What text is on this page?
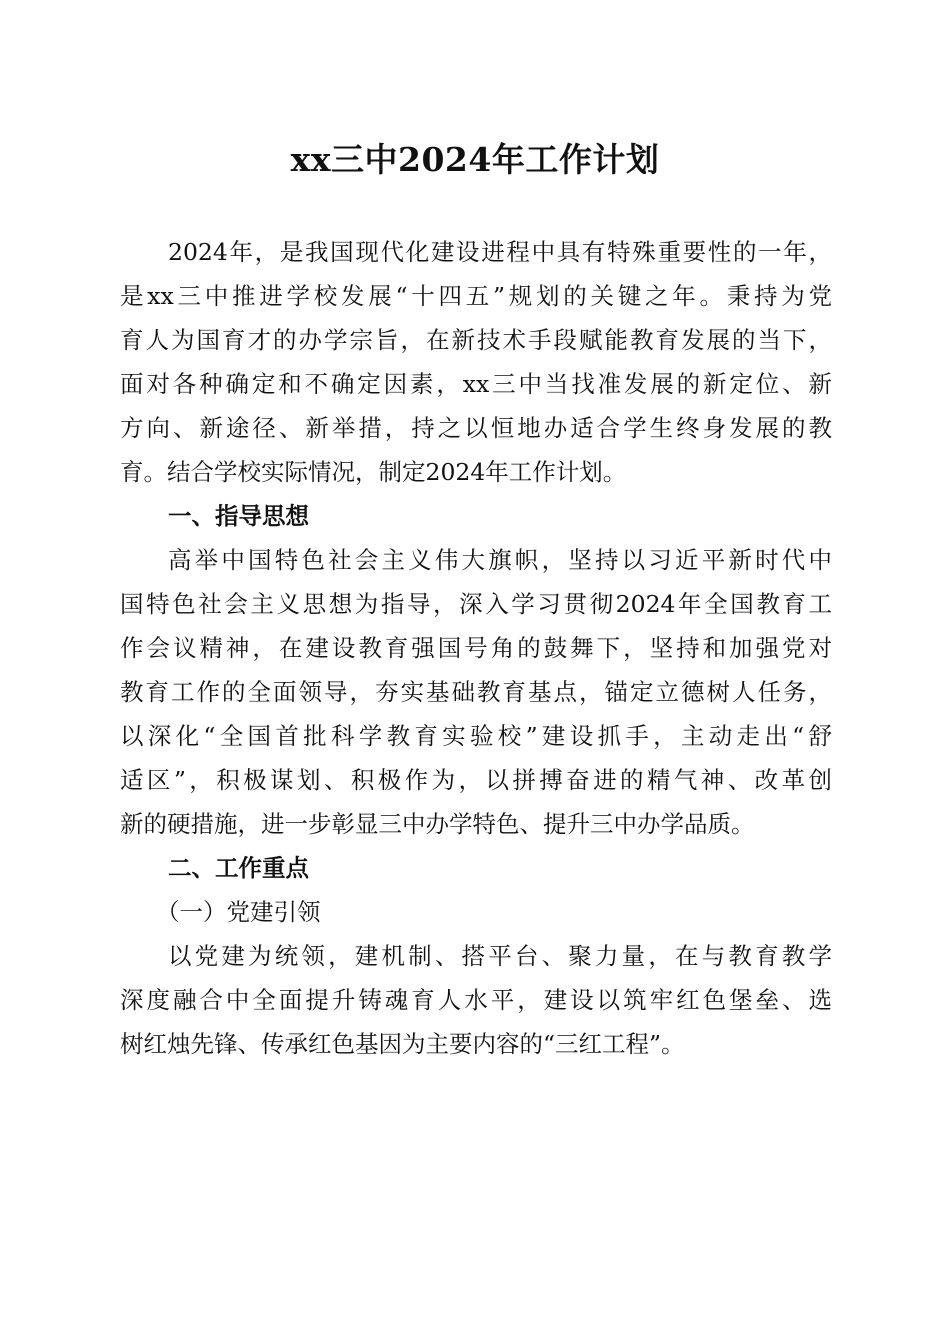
xx三中2024年工作计划
2024年，是我国现代化建设进程中具有特殊重要性的一年，
是xx三中推进学校发展“十四五”规划的关键之年。秉持为党
育人为国育才的办学宗旨，在新技术手段赋能教育发展的当下，
面对各种确定和不确定因素，xx三中当找准发展的新定位、新
方向、新途径、新举措，持之以恒地办适合学生终身发展的教
育。结合学校实际情况，制定2024年工作计划。
一、指导思想
高举中国特色社会主义伟大旗帜，坚持以习近平新时代中
国特色社会主义思想为指导，深入学习贯彻2024年全国教育工
作会议精神，在建设教育强国号角的鼓舞下，坚持和加强党对
教育工作的全面领导，夯实基础教育基点，锚定立德树人任务，
以深化“全国首批科学教育实验校”建设抓手，主动走出“舒
适区”，积极谋划、积极作为，以拼搏奋进的精气神、改革创
新的硬措施，进一步彰显三中办学特色、提升三中办学品质。
二、工作重点
（一）党建引领
以党建为统领，建机制、搭平台、聚力量，在与教育教学
深度融合中全面提升铸魂育人水平，建设以筑牢红色堡垒、选
树红烛先锋、传承红色基因为主要内容的“三红工程”。
